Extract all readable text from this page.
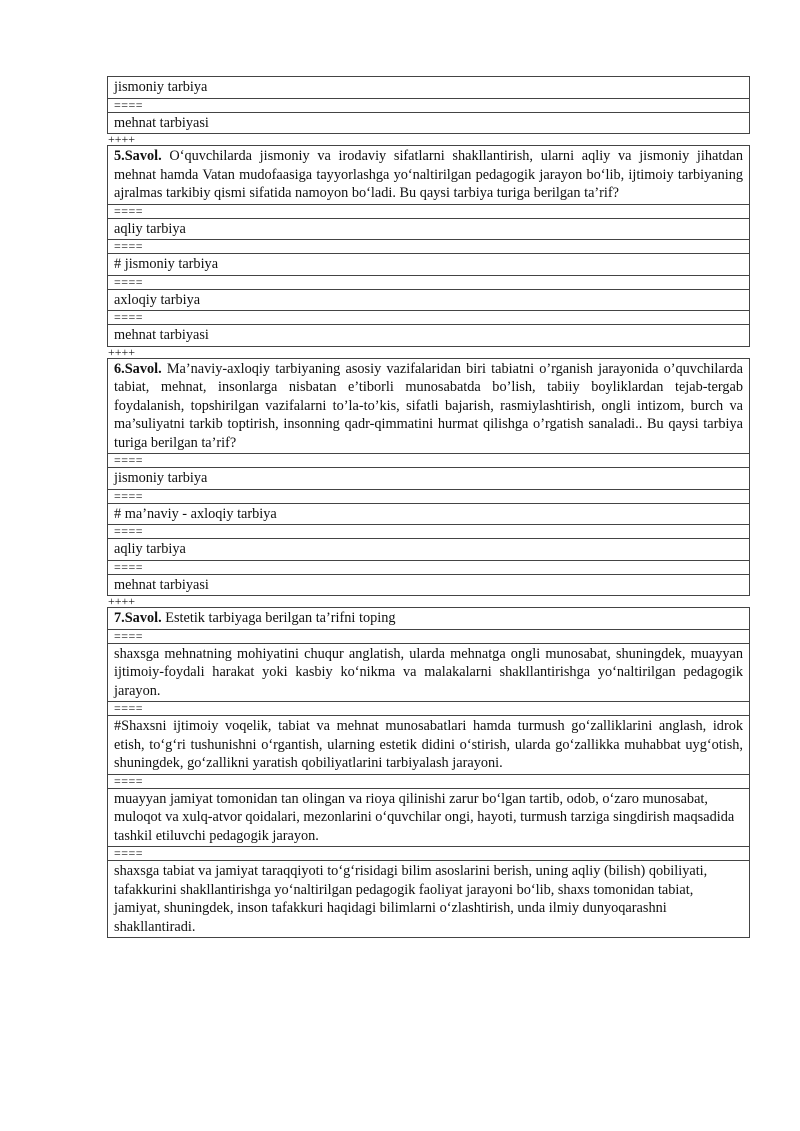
jismoniy tarbiya
====
mehnat tarbiyasi
++++
5.Savol. O‘quvchilarda jismoniy va irodaviy sifatlarni shakllantirish, ularni aqliy va jismoniy jihatdan mehnat hamda Vatan mudofaasiga tayyorlashga yo‘naltirilgan pedagogik jarayon bo‘lib, ijtimoiy tarbiyaning ajralmas tarkibiy qismi sifatida namoyon bo‘ladi. Bu qaysi tarbiya turiga berilgan ta’rif?
====
aqliy tarbiya
====
# jismoniy tarbiya
====
axloqiy tarbiya
====
mehnat tarbiyasi
++++
6.Savol. Ma’naviy-axloqiy tarbiyaning asosiy vazifalaridan biri tabiatni o’rganish jarayonida o’quvchilarda tabiat, mehnat, insonlarga nisbatan e’tiborli munosabatda bo’lish, tabiiy boyliklardan tejab-tergab foydalanish, topshirilgan vazifalarni to’la-to’kis, sifatli bajarish, rasmiylashtirish, ongli intizom, burch va ma’suliyatni tarkib toptirish, insonning qadr-qimmatini hurmat qilishga o’rgatish sanaladi.. Bu qaysi tarbiya turiga berilgan ta’rif?
====
jismoniy tarbiya
====
# ma’naviy - axloqiy tarbiya
====
aqliy tarbiya
====
mehnat tarbiyasi
++++
7.Savol. Estetik tarbiyaga berilgan ta’rifni toping
====
shaxsga mehnatning mohiyatini chuqur anglatish, ularda mehnatga ongli munosabat, shuningdek, muayyan ijtimoiy-foydali harakat yoki kasbiy ko‘nikma va malakalarni shakllantirishga yo‘naltirilgan pedagogik jarayon.
====
#Shaxsni ijtimoiy voqelik, tabiat va mehnat munosabatlari hamda turmush go‘zalliklarini anglash, idrok etish, to‘g‘ri tushunishni o‘rgantish, ularning estetik didini o‘stirish, ularda go‘zallikka muhabbat uyg‘otish, shuningdek, go‘zallikni yaratish qobiliyatlarini tarbiyalash jarayoni.
====
muayyan jamiyat tomonidan tan olingan va rioya qilinishi zarur bo‘lgan tartib, odob, o‘zaro munosabat, muloqot va xulq-atvor qoidalari, mezonlarini o‘quvchilar ongi, hayoti, turmush tarziga singdirish maqsadida tashkil etiluvchi pedagogik jarayon.
====
shaxsga tabiat va jamiyat taraqqiyoti to‘g‘risidagi bilim asoslarini berish, uning aqliy (bilish) qobiliyati, tafakkurini shakllantirishga yo‘naltirilgan pedagogik faoliyat jarayoni bo‘lib, shaxs tomonidan tabiat, jamiyat, shuningdek, inson tafakkuri haqidagi bilimlarni o‘zlashtirish, unda ilmiy dunyoqarashni shakllantiradi.
